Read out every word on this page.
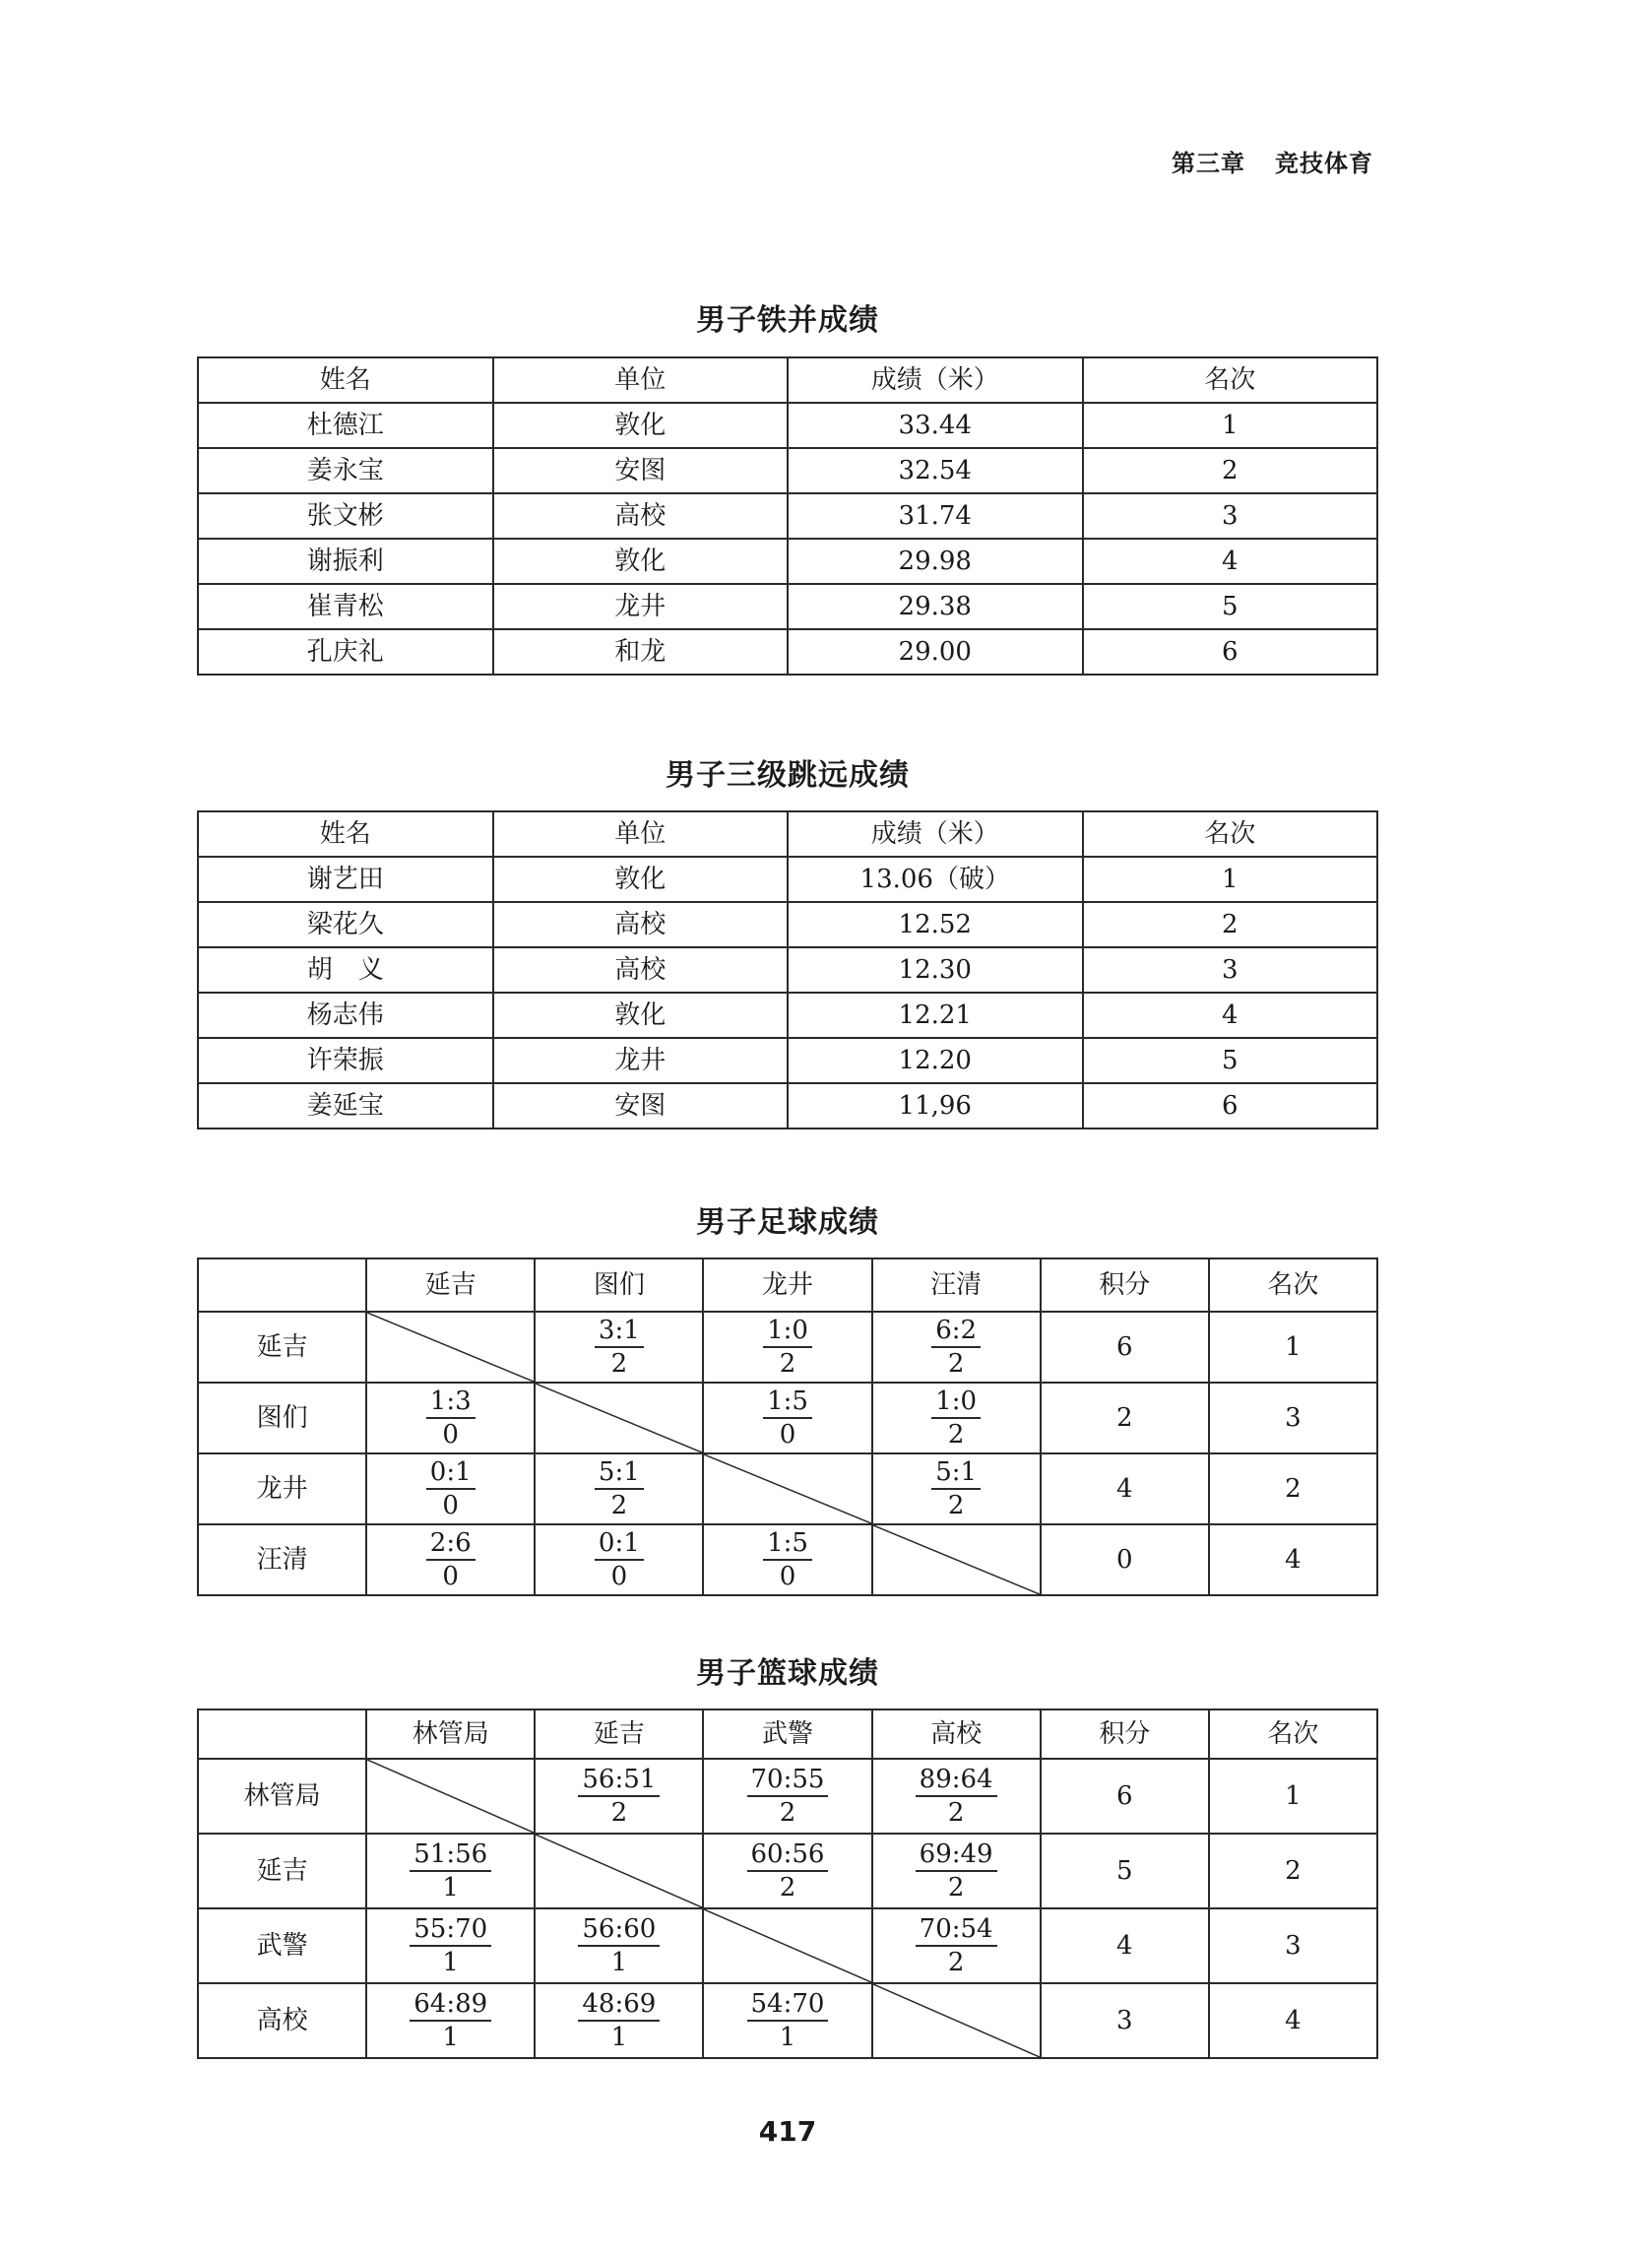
第三章 竞技体育
男子铁并成绩
姓名	单位	成绩（米）	名次
杜德江	敦化	33.44	1
姜永宝	安图	32.54	2
张文彬	高校	31.74	3
谢振利	敦化	29.98	4
崔青松	龙井	29.38	5
孔庆礼	和龙	29.00	6
男子三级跳远成绩
姓名	单位	成绩（米）	名次
谢艺田	敦化	13.06（破）	1
梁花久	高校	12.52	2
胡　义	高校	12.30	3
杨志伟	敦化	12.21	4
许荣振	龙井	12.20	5
姜延宝	安图	11,96	6
男子足球成绩
	延吉	图们	龙井	汪清	积分	名次
延吉		$\frac{3:1}{2}$	$\frac{1:0}{2}$	$\frac{6:2}{2}$	6	1
图们	$\frac{1:3}{0}$		$\frac{1:5}{0}$	$\frac{1:0}{2}$	2	3
龙井	$\frac{0:1}{0}$	$\frac{5:1}{2}$		$\frac{5:1}{2}$	4	2
汪清	$\frac{2:6}{0}$	$\frac{0:1}{0}$	$\frac{1:5}{0}$		0	4
男子篮球成绩
	林管局	延吉	武警	高校	积分	名次
林管局		$\frac{56:51}{2}$	$\frac{70:55}{2}$	$\frac{89:64}{2}$	6	1
延吉	$\frac{51:56}{1}$		$\frac{60:56}{2}$	$\frac{69:49}{2}$	5	2
武警	$\frac{55:70}{1}$	$\frac{56:60}{1}$		$\frac{70:54}{2}$	4	3
高校	$\frac{64:89}{1}$	$\frac{48:69}{1}$	$\frac{54:70}{1}$		3	4
417
